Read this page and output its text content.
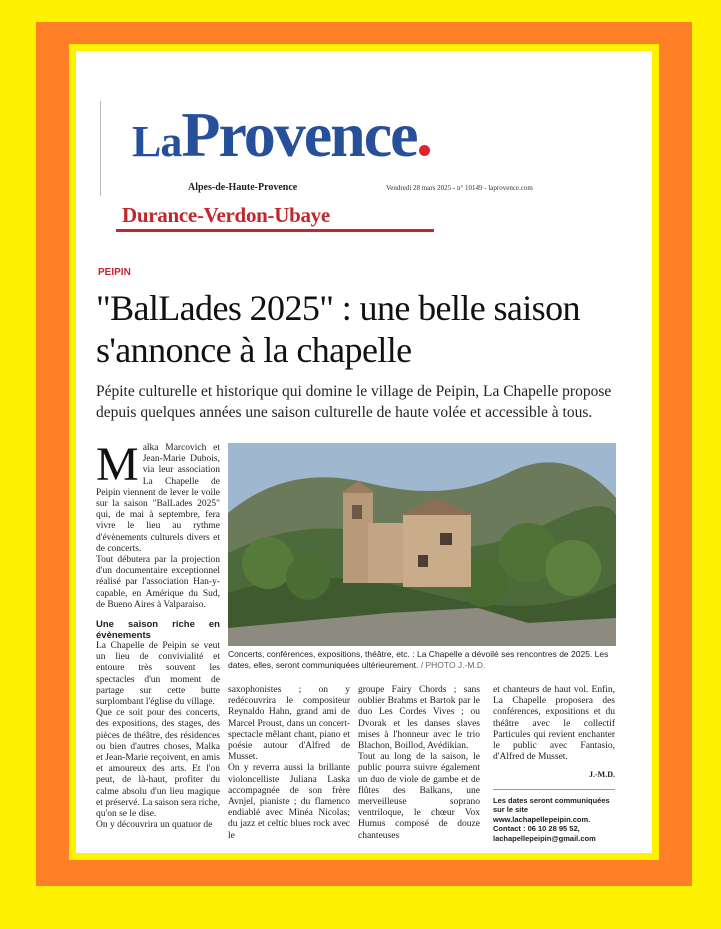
LaProvence
Alpes-de-Haute-Provence	Vendredi 28 mars 2025 - n° 10149 - laprovence.com
Durance-Verdon-Ubaye
PEIPIN
"BalLades 2025" : une belle saison s'annonce à la chapelle
Pépite culturelle et historique qui domine le village de Peipin, La Chapelle propose depuis quelques années une saison culturelle de haute volée et accessible à tous.
M alka Marcovich et Jean-Marie Dubois, via leur association La Chapelle de Peipin viennent de lever le voile sur la saison "BalLades 2025" qui, de mai à septembre, fera vivre le lieu au rythme d'évènements culturels divers et de concerts.

Tout débutera par la projection d'un documentaire exceptionnel réalisé par l'association Han-y-capable, en Amérique du Sud, de Bueno Aires à Valparaiso.

Une saison riche en évènements

La Chapelle de Peipin se veut un lieu de convivialité et entoure très souvent les spectacles d'un moment de partage sur cette butte surplombant l'église du village.

Que ce soit pour des concerts, des expositions, des stages, des pièces de théâtre, des résidences ou bien d'autres choses, Malka et Jean-Marie reçoivent, en amis et amoureux des arts. Et l'on peut, de là-haut, profiter du calme absolu d'un lieu magique et préservé. La saison sera riche, qu'on se le dise.

On y découvrira un quatuor de

Concerts, conférences, expositions, théâtre, etc. : La Chapelle a dévoilé ses rencontres de 2025. Les dates, elles, seront communiquées ultérieurement. / PHOTO J.-M.D.

saxophonistes ; on y redécouvrira le compositeur Reynaldo Hahn, grand ami de Marcel Proust, dans un concert-spectacle mêlant chant, piano et poésie autour d'Alfred de Musset.

On y reverra aussi la brillante violoncelliste Juliana Laska accompagnée de son frère Avnjel, pianiste ; du flamenco endiablé avec Minéa Nicolas; du jazz et celtic blues rock avec le

groupe Fairy Chords ; sans oublier Brahms et Bartok par le duo Les Cordes Vives ; ou Dvorak et les danses slaves mises à l'honneur avec le trio Blachon, Boillod, Avédikian.

Tout au long de la saison, le public pourra suivre également un duo de viole de gambe et de flûtes des Balkans, une merveilleuse soprano ventriloque, le chœur Vox Humus composé de douze chanteuses

et chanteurs de haut vol. Enfin, La Chapelle proposera des conférences, expositions et du théâtre avec le collectif Particules qui revient enchanter le public avec Fantasio, d'Alfred de Musset.

J.-M.D.

Les dates seront communiquées sur le site www.lachapellepeipin.com. Contact : 06 10 28 95 52, lachapellepeipin@gmail.com
